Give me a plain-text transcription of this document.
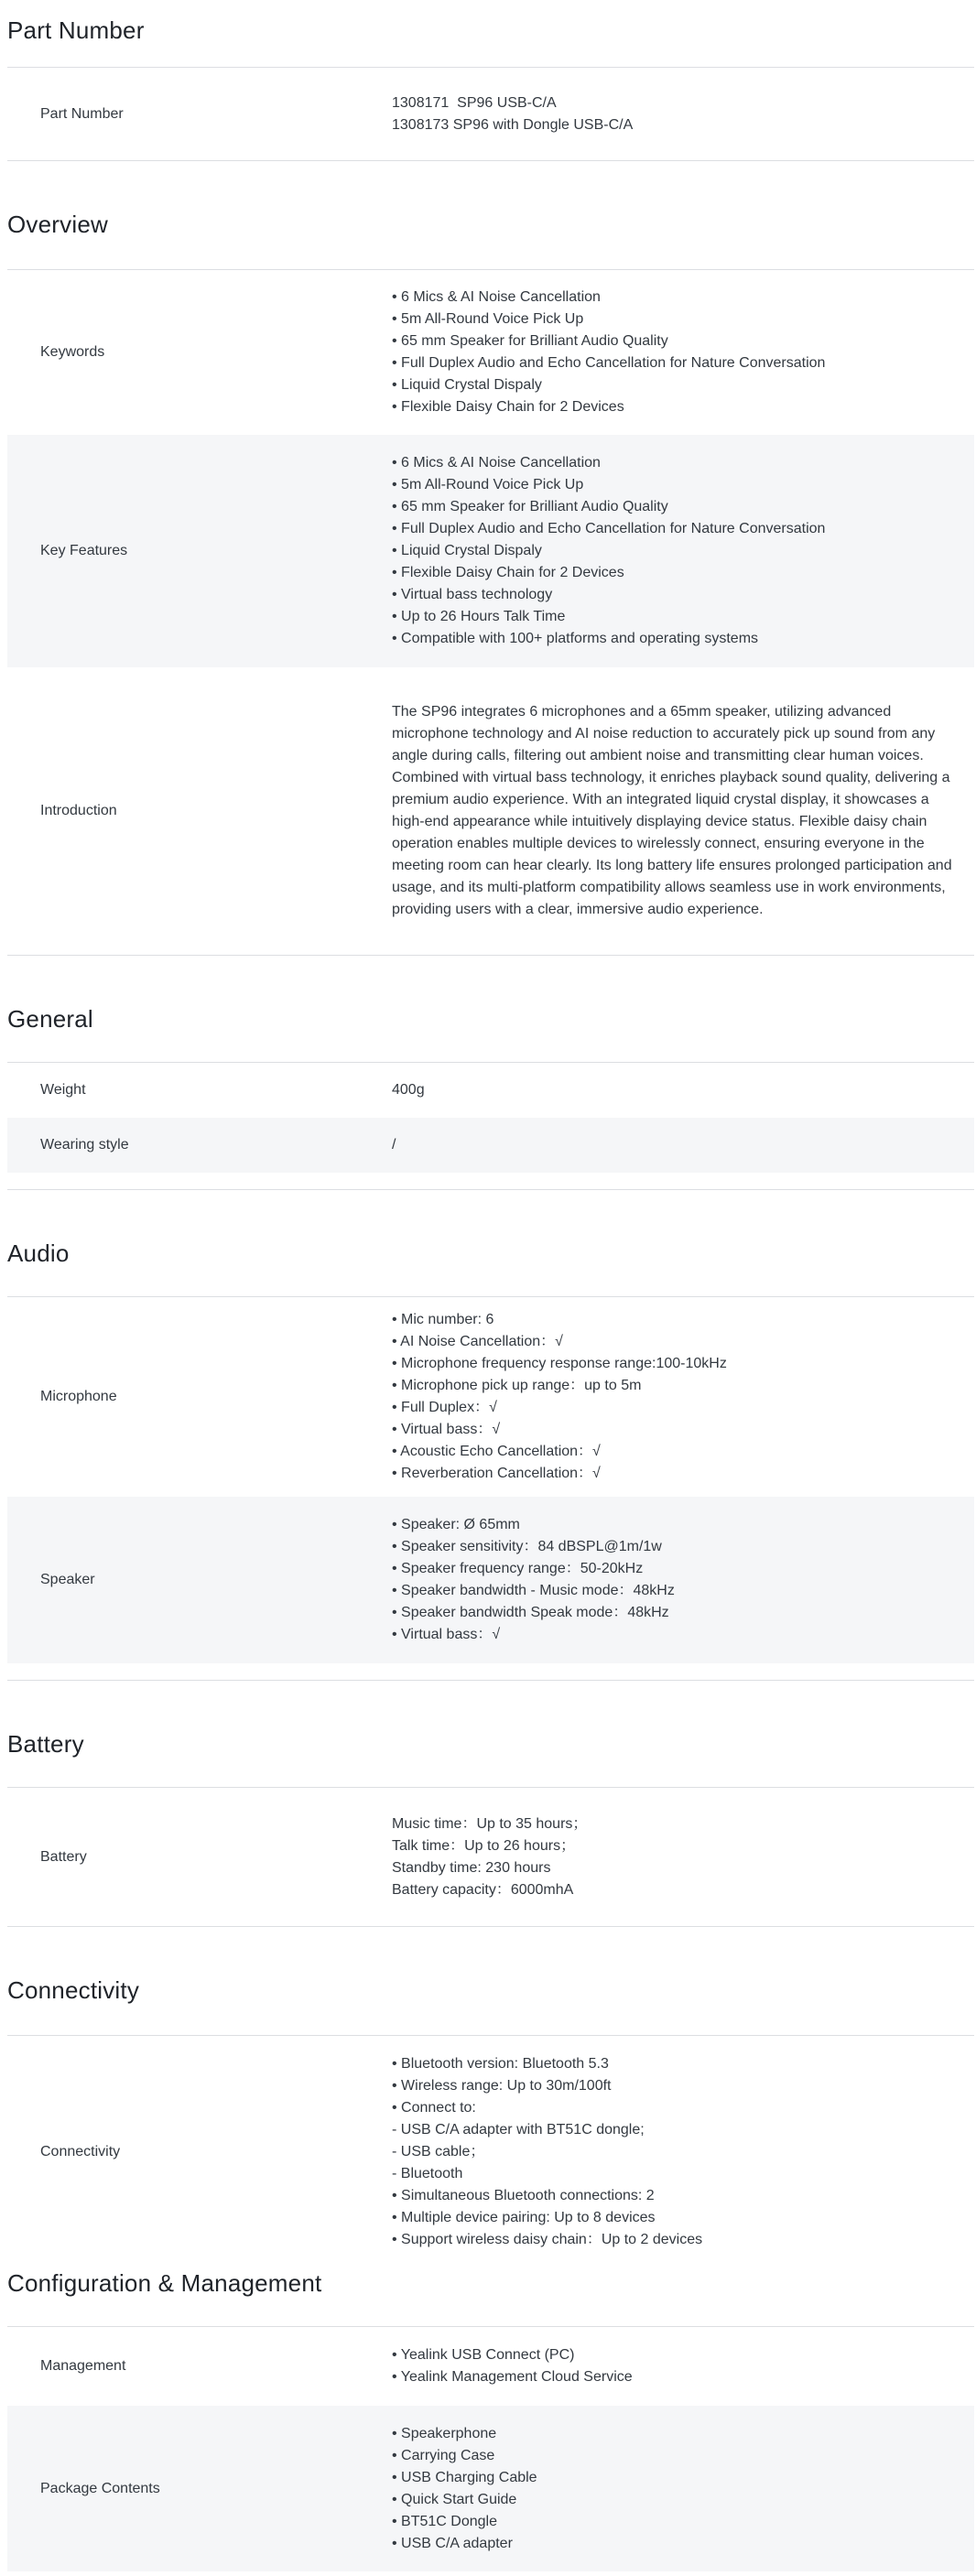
Part Number
Part Number
1308171  SP96 USB-C/A
1308173 SP96 with Dongle USB-C/A
Overview
Keywords
• 6 Mics & AI Noise Cancellation
• 5m All-Round Voice Pick Up
• 65 mm Speaker for Brilliant Audio Quality
• Full Duplex Audio and Echo Cancellation for Nature Conversation
• Liquid Crystal Dispaly
• Flexible Daisy Chain for 2 Devices
Key Features
• 6 Mics & AI Noise Cancellation
• 5m All-Round Voice Pick Up
• 65 mm Speaker for Brilliant Audio Quality
• Full Duplex Audio and Echo Cancellation for Nature Conversation
• Liquid Crystal Dispaly
• Flexible Daisy Chain for 2 Devices
• Virtual bass technology
• Up to 26 Hours Talk Time
• Compatible with 100+ platforms and operating systems
Introduction

The SP96 integrates 6 microphones and a 65mm speaker, utilizing advanced microphone technology and AI noise reduction to accurately pick up sound from any angle during calls, filtering out ambient noise and transmitting clear human voices. Combined with virtual bass technology, it enriches playback sound quality, delivering a premium audio experience. With an integrated liquid crystal display, it showcases a high-end appearance while intuitively displaying device status. Flexible daisy chain operation enables multiple devices to wirelessly connect, ensuring everyone in the meeting room can hear clearly. Its long battery life ensures prolonged participation and usage, and its multi-platform compatibility allows seamless use in work environments, providing users with a clear, immersive audio experience.

General
Weight	400g
Wearing style	/
Audio
Microphone
• Mic number: 6
• AI Noise Cancellation：√
• Microphone frequency response range:100-10kHz
• Microphone pick up range：up to 5m
• Full Duplex：√
• Virtual bass：√
• Acoustic Echo Cancellation：√
• Reverberation Cancellation：√
Speaker
• Speaker: Ø 65mm
• Speaker sensitivity：84 dBSPL@1m/1w
• Speaker frequency range：50-20kHz
• Speaker bandwidth - Music mode：48kHz
• Speaker bandwidth Speak mode：48kHz
• Virtual bass：√
Battery
Battery
Music time：Up to 35 hours；
Talk time：Up to 26 hours；
Standby time: 230 hours
Battery capacity：6000mhA
Connectivity
Connectivity
• Bluetooth version: Bluetooth 5.3
• Wireless range: Up to 30m/100ft
• Connect to:
- USB C/A adapter with BT51C dongle;
- USB cable；
- Bluetooth
• Simultaneous Bluetooth connections: 2
• Multiple device pairing: Up to 8 devices
• Support wireless daisy chain：Up to 2 devices
Configuration & Management
Management
• Yealink USB Connect (PC)
• Yealink Management Cloud Service
Package Contents
• Speakerphone
• Carrying Case
• USB Charging Cable
• Quick Start Guide
• BT51C Dongle
• USB C/A adapter
